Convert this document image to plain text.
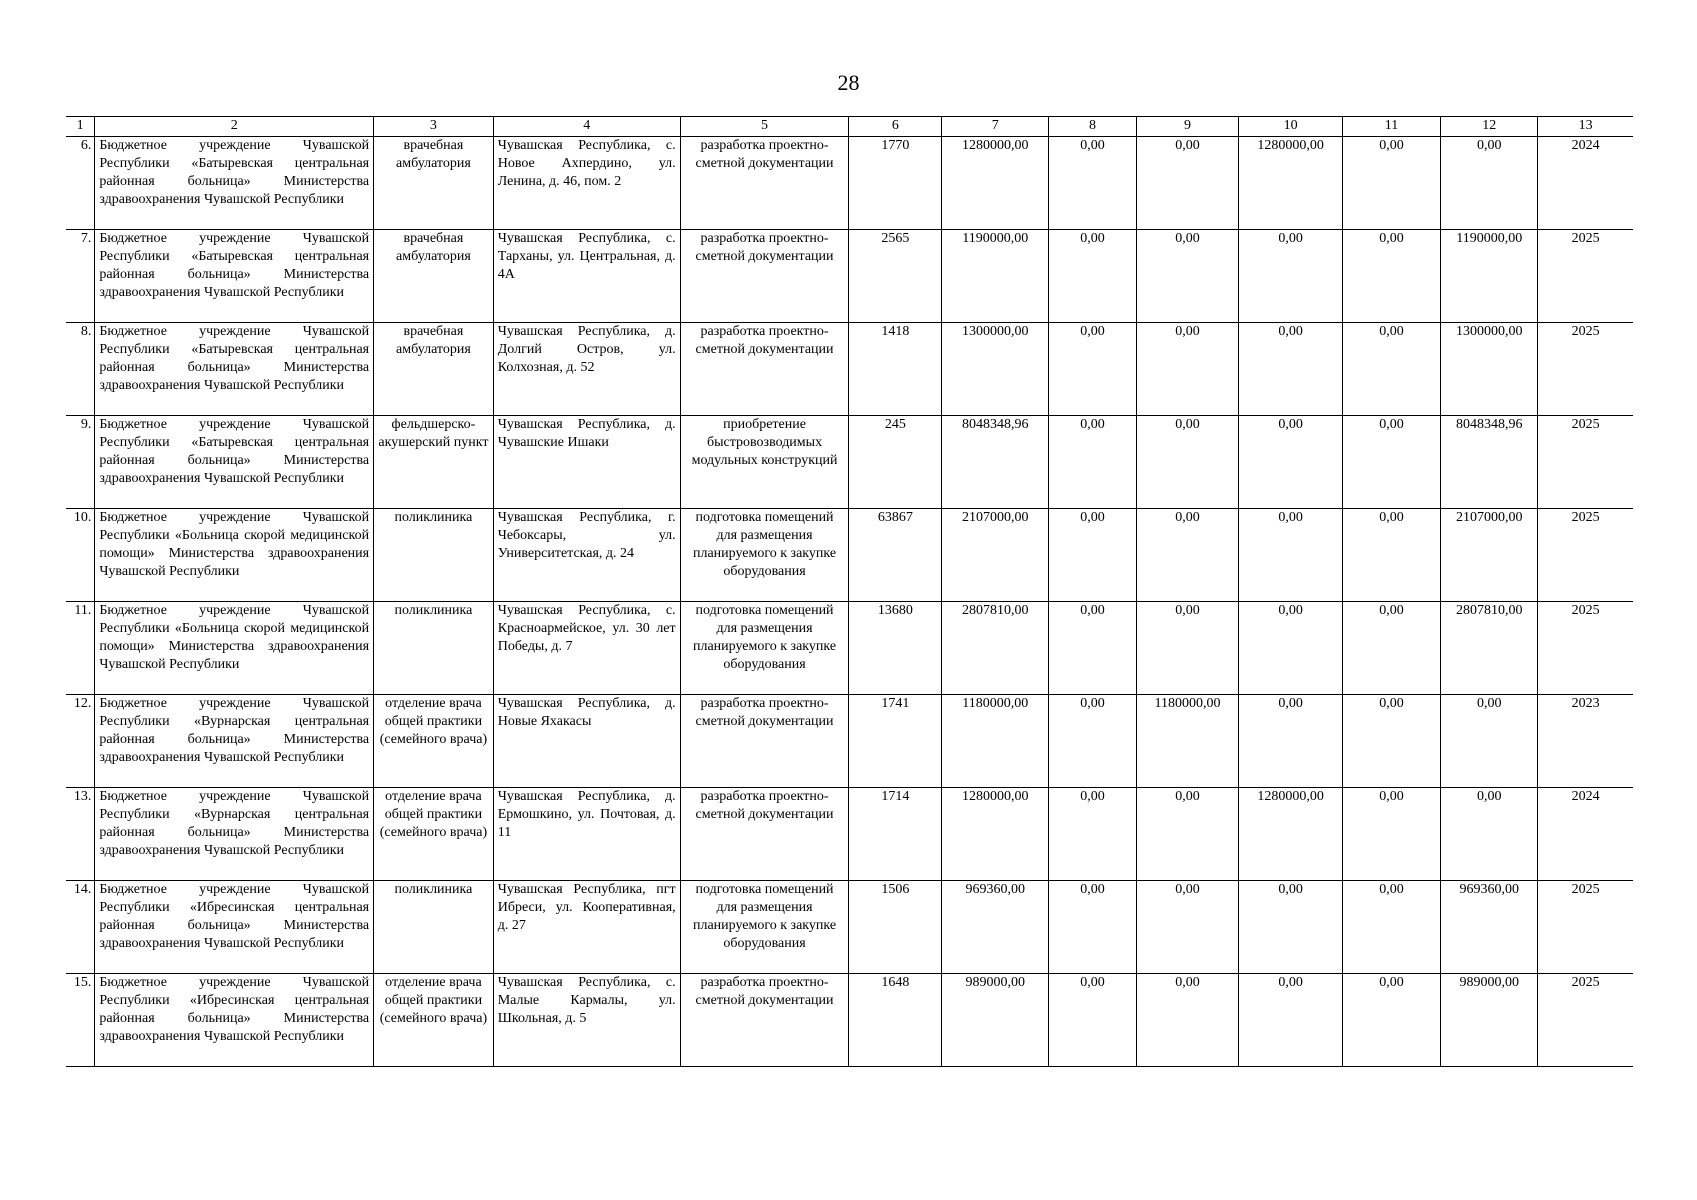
28
1	2	3	4	5	6	7	8	9	10	11	12	13
6.	Бюджетное учреждение Чувашской Республики «Батыревская центральная районная больница» Министерства здравоохранения Чувашской Республики	врачебная амбулатория	Чувашская Республика, с. Новое Ахпердино, ул. Ленина, д. 46, пом. 2	разработка проектно-сметной документации	1770	1280000,00	0,00	0,00	1280000,00	0,00	0,00	2024
7.	Бюджетное учреждение Чувашской Республики «Батыревская центральная районная больница» Министерства здравоохранения Чувашской Республики	врачебная амбулатория	Чувашская Республика, с. Тарханы, ул. Центральная, д. 4А	разработка проектно-сметной документации	2565	1190000,00	0,00	0,00	0,00	0,00	1190000,00	2025
8.	Бюджетное учреждение Чувашской Республики «Батыревская центральная районная больница» Министерства здравоохранения Чувашской Республики	врачебная амбулатория	Чувашская Республика, д. Долгий Остров, ул. Колхозная, д. 52	разработка проектно-сметной документации	1418	1300000,00	0,00	0,00	0,00	0,00	1300000,00	2025
9.	Бюджетное учреждение Чувашской Республики «Батыревская центральная районная больница» Министерства здравоохранения Чувашской Республики	фельдшерско-акушерский пункт	Чувашская Республика, д. Чувашские Ишаки	приобретение быстровозводимых модульных конструкций	245	8048348,96	0,00	0,00	0,00	0,00	8048348,96	2025
10.	Бюджетное учреждение Чувашской Республики «Больница скорой медицинской помощи» Министерства здравоохранения Чувашской Республики	поликлиника	Чувашская Республика, г. Чебоксары, ул. Университетская, д. 24	подготовка помещений для размещения планируемого к закупке оборудования	63867	2107000,00	0,00	0,00	0,00	0,00	2107000,00	2025
11.	Бюджетное учреждение Чувашской Республики «Больница скорой медицинской помощи» Министерства здравоохранения Чувашской Республики	поликлиника	Чувашская Республика, с. Красноармейское, ул. 30 лет Победы, д. 7	подготовка помещений для размещения планируемого к закупке оборудования	13680	2807810,00	0,00	0,00	0,00	0,00	2807810,00	2025
12.	Бюджетное учреждение Чувашской Республики «Вурнарская центральная районная больница» Министерства здравоохранения Чувашской Республики	отделение врача общей практики (семейного врача)	Чувашская Республика, д. Новые Яхакасы	разработка проектно-сметной документации	1741	1180000,00	0,00	1180000,00	0,00	0,00	0,00	2023
13.	Бюджетное учреждение Чувашской Республики «Вурнарская центральная районная больница» Министерства здравоохранения Чувашской Республики	отделение врача общей практики (семейного врача)	Чувашская Республика, д. Ермошкино, ул. Почтовая, д. 11	разработка проектно-сметной документации	1714	1280000,00	0,00	0,00	1280000,00	0,00	0,00	2024
14.	Бюджетное учреждение Чувашской Республики «Ибресинская центральная районная больница» Министерства здравоохранения Чувашской Республики	поликлиника	Чувашская Республика, пгт Ибреси, ул. Кооперативная, д. 27	подготовка помещений для размещения планируемого к закупке оборудования	1506	969360,00	0,00	0,00	0,00	0,00	969360,00	2025
15.	Бюджетное учреждение Чувашской Республики «Ибресинская центральная районная больница» Министерства здравоохранения Чувашской Республики	отделение врача общей практики (семейного врача)	Чувашская Республика, с. Малые Кармалы, ул. Школьная, д. 5	разработка проектно-сметной документации	1648	989000,00	0,00	0,00	0,00	0,00	989000,00	2025
